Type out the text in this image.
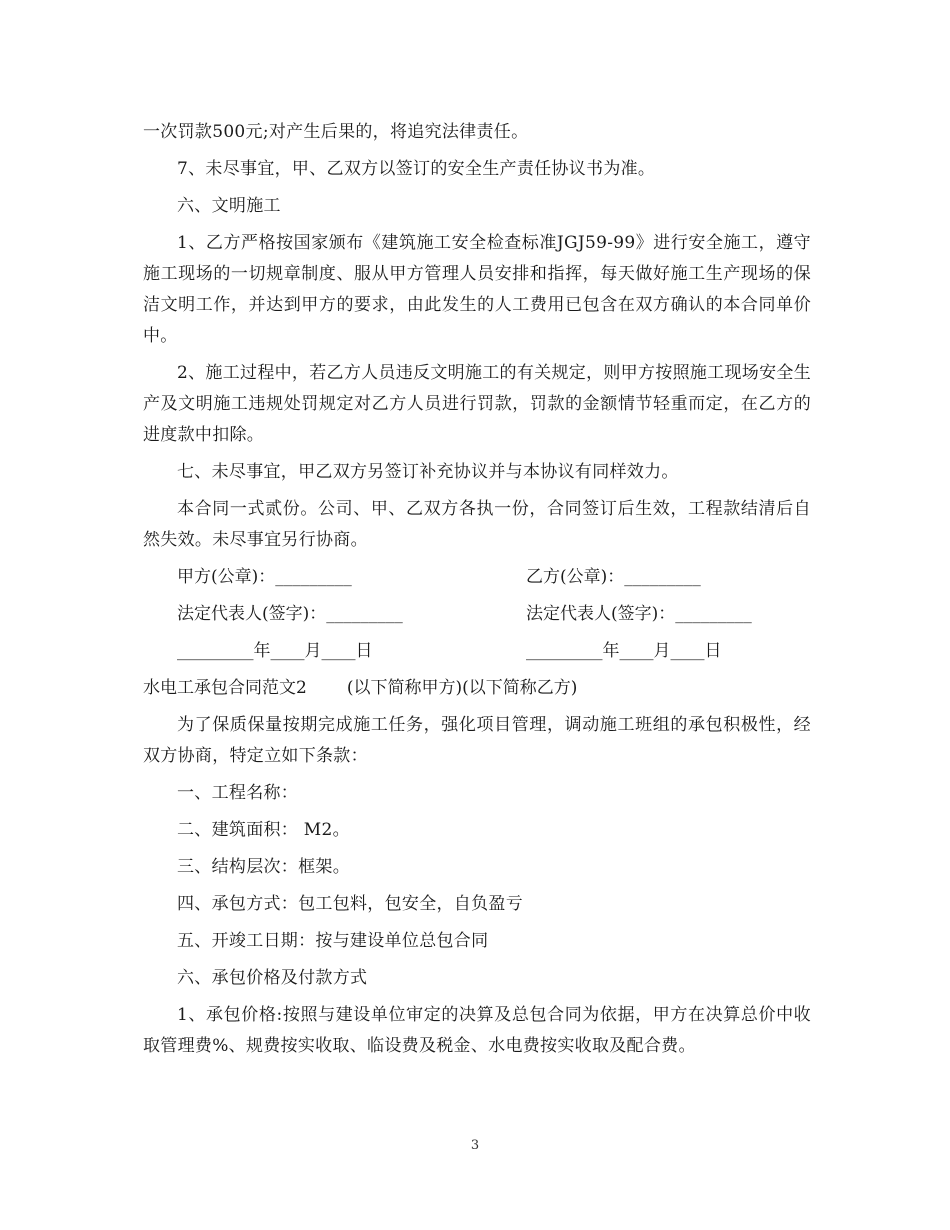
一次罚款500元;对产生后果的，将追究法律责任。

7、未尽事宜，甲、乙双方以签订的安全生产责任协议书为准。

六、文明施工

1、乙方严格按国家颁布《建筑施工安全检查标准JGJ59-99》进行安全施工，遵守施工现场的一切规章制度、服从甲方管理人员安排和指挥，每天做好施工生产现场的保洁文明工作，并达到甲方的要求，由此发生的人工费用已包含在双方确认的本合同单价中。

2、施工过程中，若乙方人员违反文明施工的有关规定，则甲方按照施工现场安全生产及文明施工违规处罚规定对乙方人员进行罚款，罚款的金额情节轻重而定，在乙方的进度款中扣除。

七、未尽事宜，甲乙双方另签订补充协议并与本协议有同样效力。

本合同一式贰份。公司、甲、乙双方各执一份，合同签订后生效，工程款结清后自然失效。未尽事宜另行协商。

甲方(公章)：_________	乙方(公章)：_________
法定代表人(签字)：_________	法定代表人(签字)：_________
_________年____月____日	_________年____月____日
水电工承包合同范文2 (以下简称甲方)(以下简称乙方)

为了保质保量按期完成施工任务，强化项目管理，调动施工班组的承包积极性，经双方协商，特定立如下条款：

一、工程名称：

二、建筑面积： M2。

三、结构层次：框架。

四、承包方式：包工包料，包安全，自负盈亏

五、开竣工日期：按与建设单位总包合同

六、承包价格及付款方式

1、承包价格:按照与建设单位审定的决算及总包合同为依据，甲方在决算总价中收取管理费%、规费按实收取、临设费及税金、水电费按实收取及配合费。

3
